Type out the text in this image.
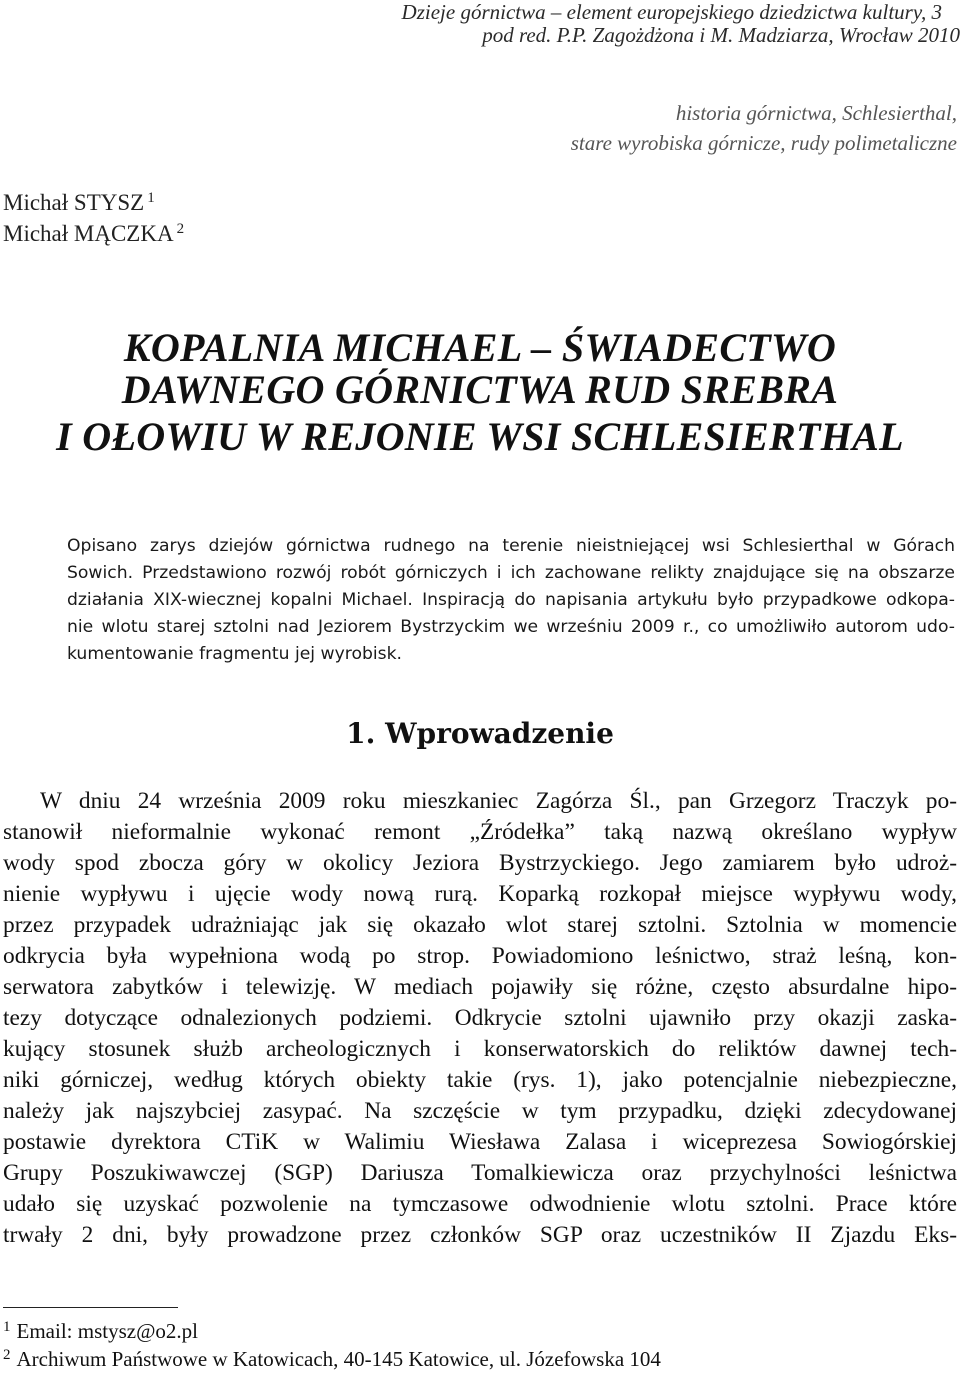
Dzieje górnictwa – element europejskiego dziedzictwa kultury, 3
pod red. P.P. Zagożdżona i M. Madziarza, Wrocław 2010
historia górnictwa, Schlesierthal,
stare wyrobiska górnicze, rudy polimetaliczne
Michał STYSZ $^1$
Michał MĄCZKA $^2$
KOPALNIA MICHAEL – ŚWIADECTWO
DAWNEGO GÓRNICTWA RUD SREBRA
I OŁOWIU W REJONIE WSI SCHLESIERTHAL
Opisano zarys dziejów górnictwa rudnego na terenie nieistniejącej wsi Schlesierthal w Górach
Sowich. Przedstawiono rozwój robót górniczych i ich zachowane relikty znajdujące się na obszarze
działania XIX-wiecznej kopalni Michael. Inspiracją do napisania artykułu było przypadkowe odkopa-
nie wlotu starej sztolni nad Jeziorem Bystrzyckim we wrześniu 2009 r., co umożliwiło autorom udo-
kumentowanie fragmentu jej wyrobisk.
1. Wprowadzenie
W dniu 24 września 2009 roku mieszkaniec Zagórza Śl., pan Grzegorz Traczyk po-
stanowił nieformalnie wykonać remont „Źródełka” taką nazwą określano wypływ
wody spod zbocza góry w okolicy Jeziora Bystrzyckiego. Jego zamiarem było udroż-
nienie wypływu i ujęcie wody nową rurą. Koparką rozkopał miejsce wypływu wody,
przez przypadek udrażniając jak się okazało wlot starej sztolni. Sztolnia w momencie
odkrycia była wypełniona wodą po strop. Powiadomiono leśnictwo, straż leśną, kon-
serwatora zabytków i telewizję. W mediach pojawiły się różne, często absurdalne hipo-
tezy dotyczące odnalezionych podziemi. Odkrycie sztolni ujawniło przy okazji zaska-
kujący stosunek służb archeologicznych i konserwatorskich do reliktów dawnej tech-
niki górniczej, według których obiekty takie (rys. 1), jako potencjalnie niebezpieczne,
należy jak najszybciej zasypać. Na szczęście w tym przypadku, dzięki zdecydowanej
postawie dyrektora CTiK w Walimiu Wiesława Zalasa i wiceprezesa Sowiogórskiej
Grupy Poszukiwawczej (SGP) Dariusza Tomalkiewicza oraz przychylności leśnictwa
udało się uzyskać pozwolenie na tymczasowe odwodnienie wlotu sztolni. Prace które
trwały 2 dni, były prowadzone przez członków SGP oraz uczestników II Zjazdu Eks-
$^1$ Email: mstysz@o2.pl
$^2$ Archiwum Państwowe w Katowicach, 40-145 Katowice, ul. Józefowska 104
